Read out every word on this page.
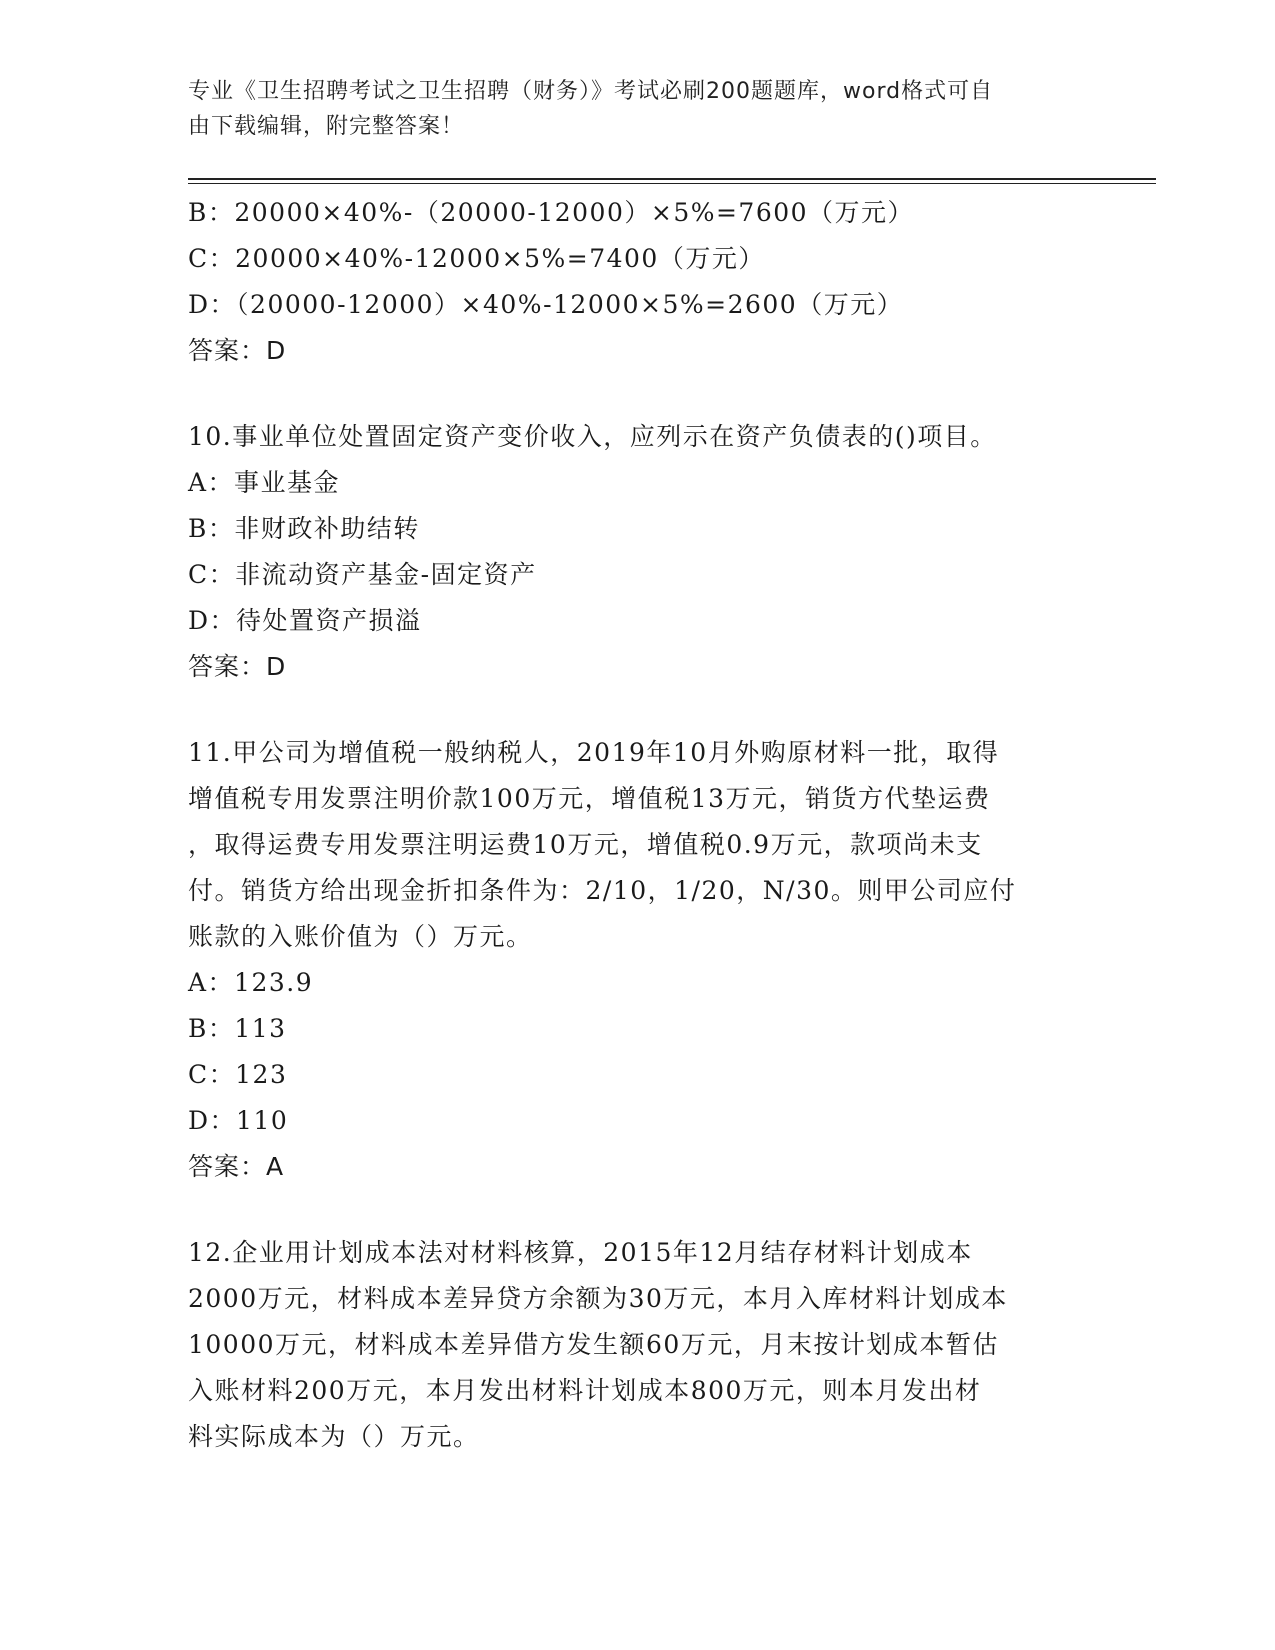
专业《卫生招聘考试之卫生招聘（财务）》考试必刷200题题库，word格式可自
由下载编辑，附完整答案！
B：20000×40%-（20000-12000）×5%=7600（万元）
C：20000×40%-12000×5%=7400（万元）
D：（20000-12000）×40%-12000×5%=2600（万元）
答案：D
10.事业单位处置固定资产变价收入，应列示在资产负债表的()项目。
A：事业基金
B：非财政补助结转
C：非流动资产基金-固定资产
D：待处置资产损溢
答案：D
11.甲公司为增值税一般纳税人，2019年10月外购原材料一批，取得
增值税专用发票注明价款100万元，增值税13万元，销货方代垫运费
，取得运费专用发票注明运费10万元，增值税0.9万元，款项尚未支
付。销货方给出现金折扣条件为：2/10，1/20，N/30。则甲公司应付
账款的入账价值为（）万元。
A：123.9
B：113
C：123
D：110
答案：A
12.企业用计划成本法对材料核算，2015年12月结存材料计划成本
2000万元，材料成本差异贷方余额为30万元，本月入库材料计划成本
10000万元，材料成本差异借方发生额60万元，月末按计划成本暂估
入账材料200万元，本月发出材料计划成本800万元，则本月发出材
料实际成本为（）万元。
